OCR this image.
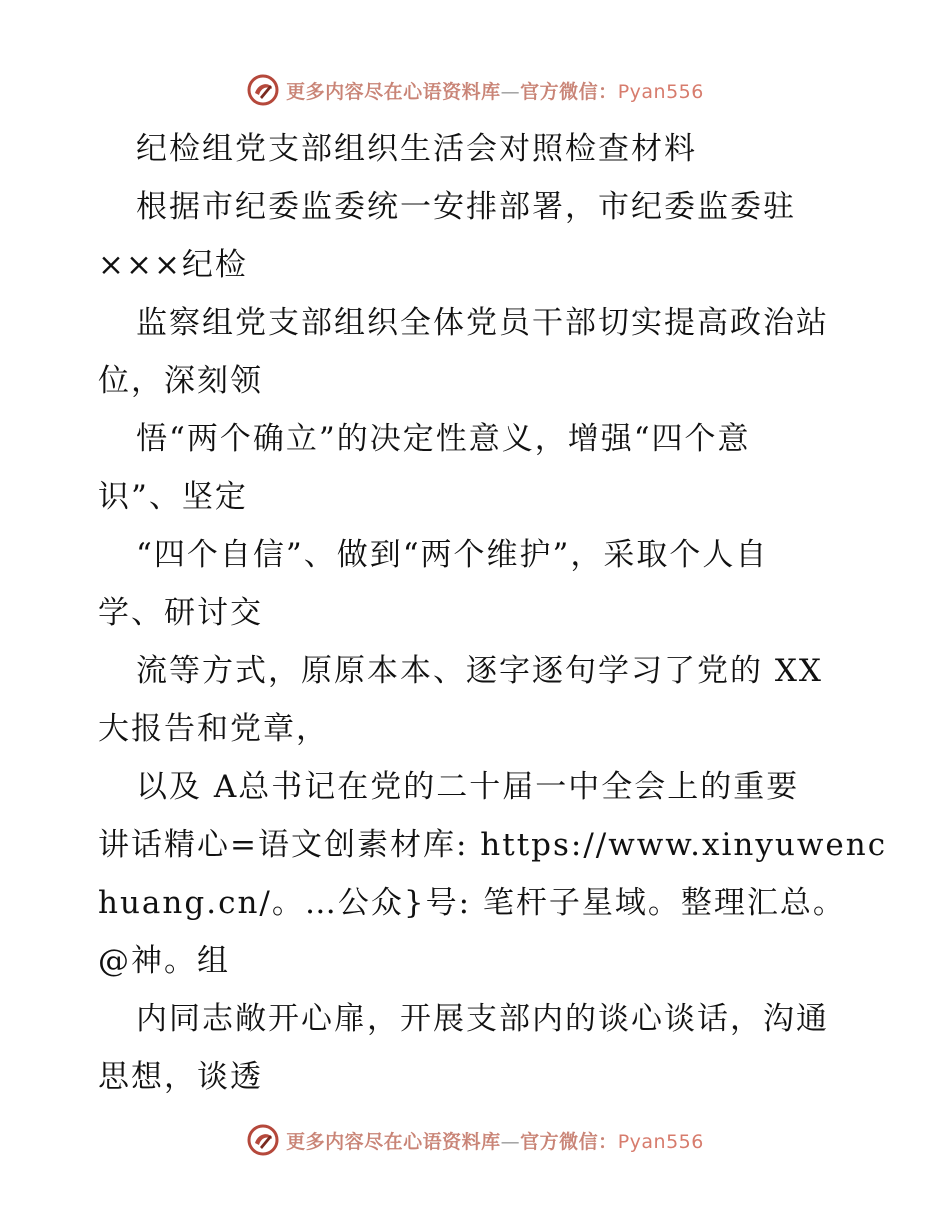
更多内容尽在心语资料库—官方微信：Pyan556
纪检组党支部组织生活会对照检查材料
根据市纪委监委统一安排部署，市纪委监委驻
×××纪检
监察组党支部组织全体党员干部切实提高政治站
位，深刻领
悟“两个确立”的决定性意义，增强“四个意
识”、坚定
“四个自信”、做到“两个维护”，采取个人自
学、研讨交
流等方式，原原本本、逐字逐句学习了党的 XX
大报告和党章，
以及 A总书记在党的二十届一中全会上的重要
讲话精心=语文创素材库: https://www.xinyuwenc
huang.cn/。…公众}号: 笔杆子星域。整理汇总。
@神。组
内同志敞开心扉，开展支部内的谈心谈话，沟通
思想，谈透
更多内容尽在心语资料库—官方微信：Pyan556
